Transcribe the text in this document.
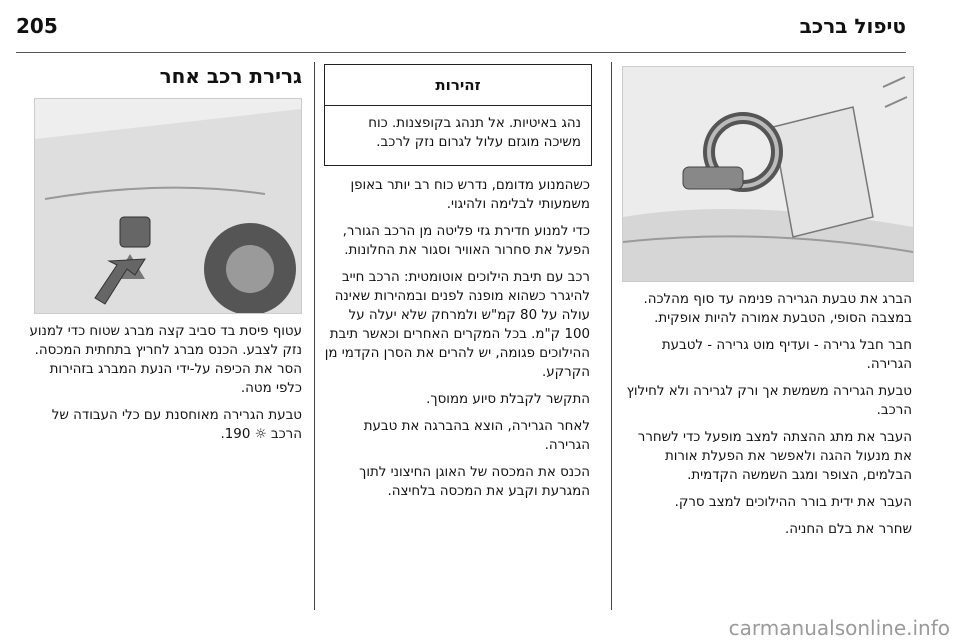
205	טיפול ברכב

הברג את טבעת הגרירה פנימה עד סוף מהלכה. במצבה הסופי, הטבעת אמורה להיות אופקית.

חבר חבל גרירה - ועדיף מוט גרירה - לטבעת הגרירה.

טבעת הגרירה משמשת אך ורק לגרירה ולא לחילוץ הרכב.

העבר את מתג ההצתה למצב מופעל כדי לשחרר את מנעול ההגה ולאפשר את הפעלת אורות הבלמים, הצופר ומגב השמשה הקדמית.

העבר את ידית בורר ההילוכים למצב סרק.

שחרר את בלם החניה.

זהירות
נהג באיטיות. אל תנהג בקופצנות. כוח משיכה מוגזם עלול לגרום נזק לרכב.

כשהמנוע מדומם, נדרש כוח רב יותר באופן משמעותי לבלימה ולהיגוי.

כדי למנוע חדירת גזי פליטה מן הרכב הגורר, הפעל את סחרור האוויר וסגור את החלונות.

רכב עם תיבת הילוכים אוטומטית: הרכב חייב להיגרר כשהוא מופנה לפנים ובמהירות שאינה עולה על 80 קמ"ש ולמרחק שלא יעלה על 100 ק"מ. בכל המקרים האחרים וכאשר תיבת ההילוכים פגומה, יש להרים את הסרן הקדמי מן הקרקע.

התקשר לקבלת סיוע ממוסך.

לאחר הגרירה, הוצא בהברגה את טבעת הגרירה.

הכנס את המכסה של האוגן החיצוני לתוך המגרעת וקבע את המכסה בלחיצה.

גרירת רכב אחר

עטוף פיסת בד סביב קצה מברג שטוח כדי למנוע נזק לצבע. הכנס מברג לחריץ בתחתית המכסה. הסר את הכיפה על-ידי הנעת המברג בזהירות כלפי מטה.

טבעת הגרירה מאוחסנת עם כלי העבודה של הרכב ☼ 190.

carmanualsonline.info
